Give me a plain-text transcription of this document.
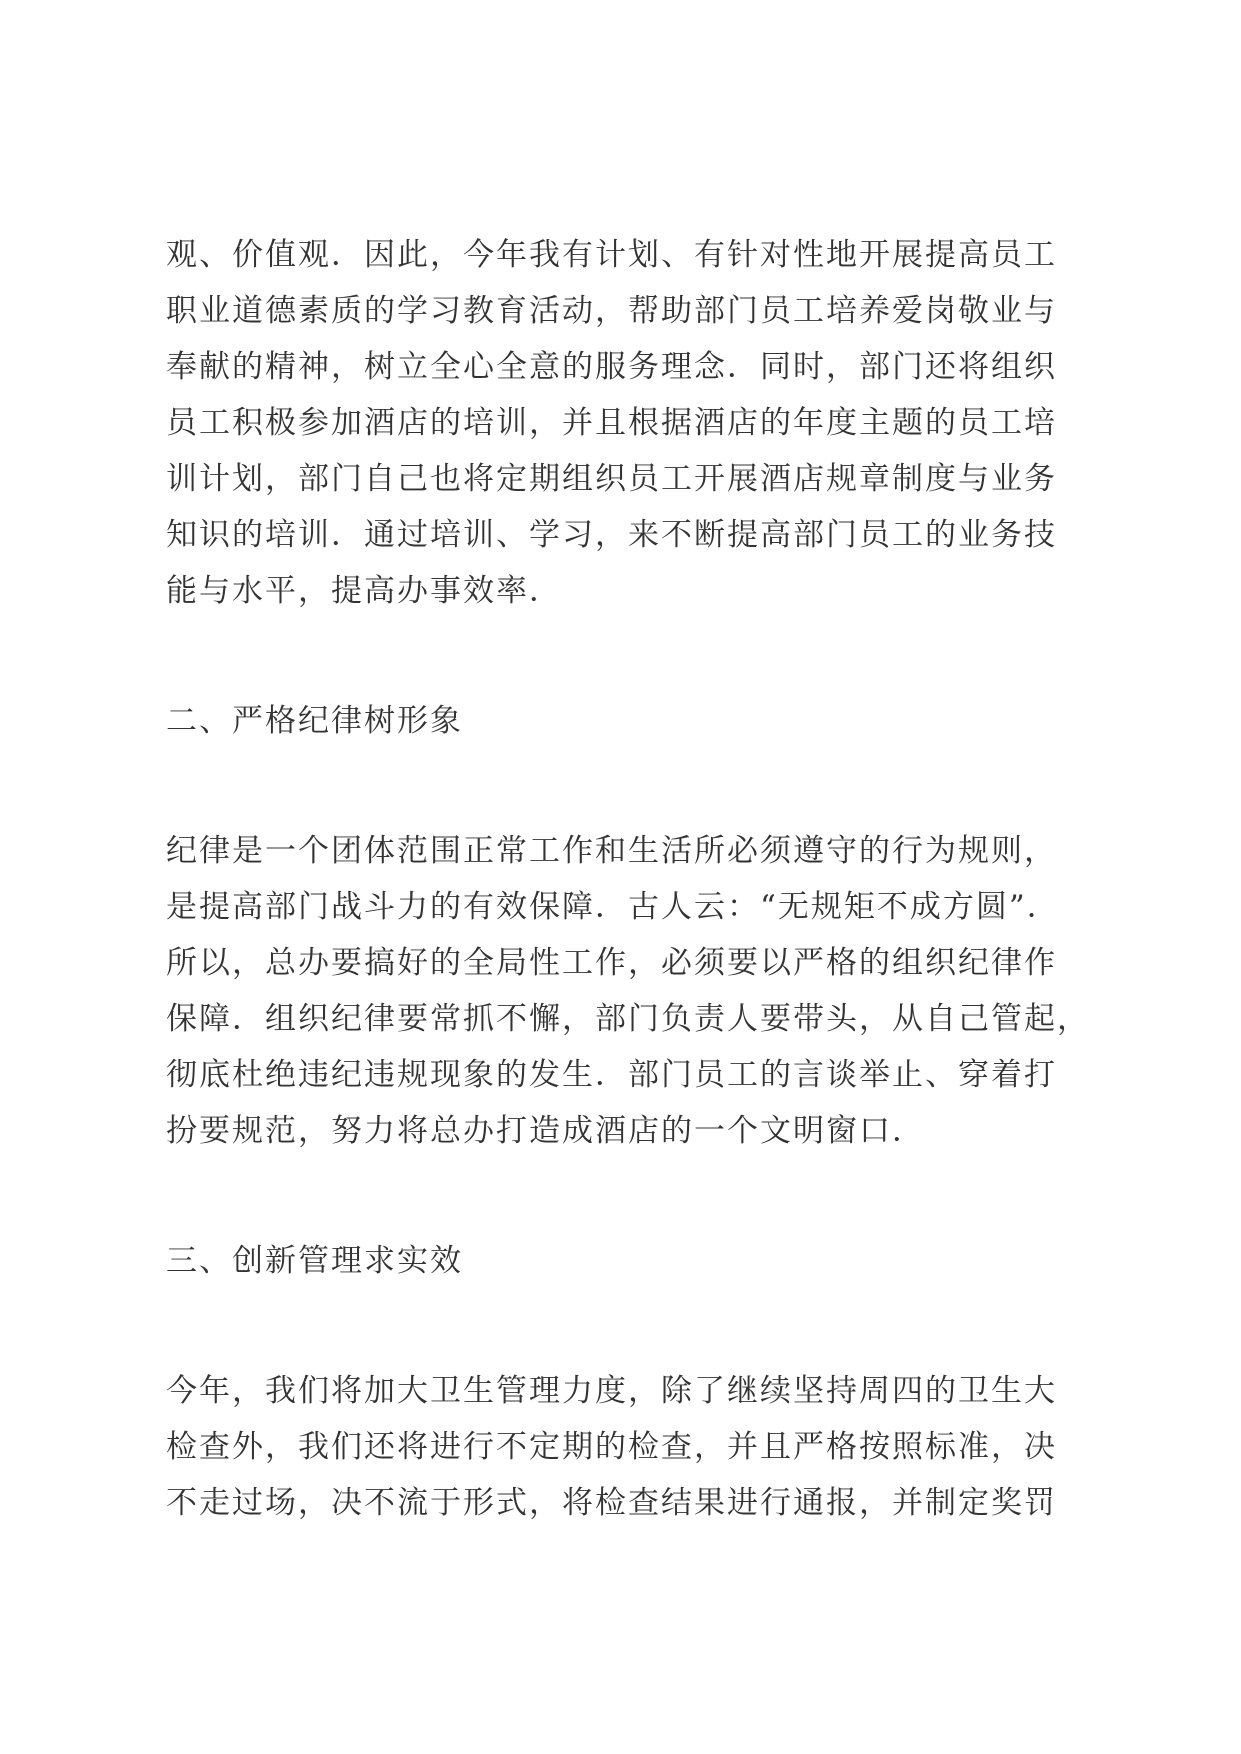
观、价值观．因此，今年我有计划、有针对性地开展提高员工
职业道德素质的学习教育活动，帮助部门员工培养爱岗敬业与
奉献的精神，树立全心全意的服务理念．同时，部门还将组织
员工积极参加酒店的培训，并且根据酒店的年度主题的员工培
训计划，部门自己也将定期组织员工开展酒店规章制度与业务
知识的培训．通过培训、学习，来不断提高部门员工的业务技
能与水平，提高办事效率．
二、严格纪律树形象
纪律是一个团体范围正常工作和生活所必须遵守的行为规则，
是提高部门战斗力的有效保障．古人云：“无规矩不成方圆”．
所以，总办要搞好的全局性工作，必须要以严格的组织纪律作
保障．组织纪律要常抓不懈，部门负责人要带头，从自己管起，
彻底杜绝违纪违规现象的发生．部门员工的言谈举止、穿着打
扮要规范，努力将总办打造成酒店的一个文明窗口．
三、创新管理求实效
今年，我们将加大卫生管理力度，除了继续坚持周四的卫生大
检查外，我们还将进行不定期的检查，并且严格按照标准，决
不走过场，决不流于形式，将检查结果进行通报，并制定奖罚
